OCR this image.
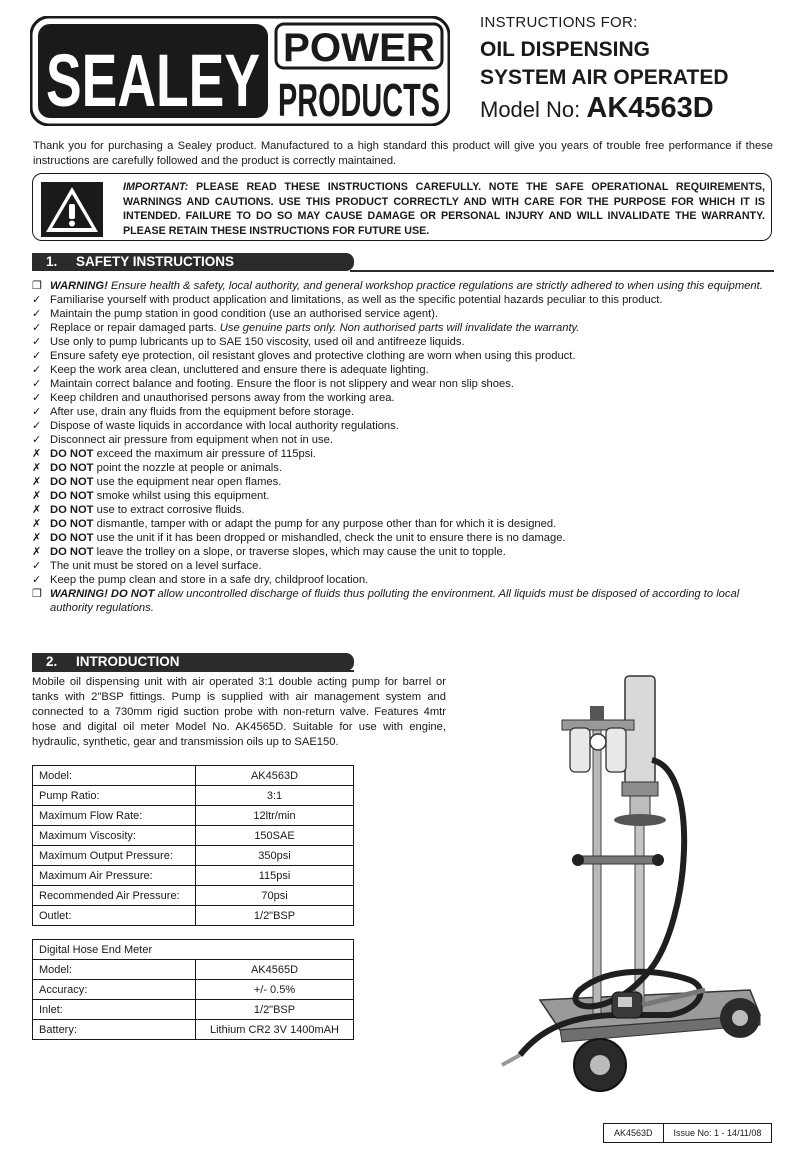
SEALEY POWER
PRODUCTS
INSTRUCTIONS FOR:
OIL DISPENSING
SYSTEM AIR OPERATED
Model No: AK4563D
Thank you for purchasing a Sealey product. Manufactured to a high standard this product will give you years of trouble free performance if these instructions are carefully followed and the product is correctly maintained.
IMPORTANT: PLEASE READ THESE INSTRUCTIONS CAREFULLY. NOTE THE SAFE OPERATIONAL REQUIREMENTS, WARNINGS AND CAUTIONS. USE THIS PRODUCT CORRECTLY AND WITH CARE FOR THE PURPOSE FOR WHICH IT IS INTENDED. FAILURE TO DO SO MAY CAUSE DAMAGE OR PERSONAL INJURY AND WILL INVALIDATE THE WARRANTY. PLEASE RETAIN THESE INSTRUCTIONS FOR FUTURE USE.
1. SAFETY INSTRUCTIONS
❐ WARNING! Ensure health & safety, local authority, and general workshop practice regulations are strictly adhered to when using this equipment.
✓ Familiarise yourself with product application and limitations, as well as the specific potential hazards peculiar to this product.
✓ Maintain the pump station in good condition (use an authorised service agent).
✓ Replace or repair damaged parts. Use genuine parts only. Non authorised parts will invalidate the warranty.
✓ Use only to pump lubricants up to SAE 150 viscosity, used oil and antifreeze liquids.
✓ Ensure safety eye protection, oil resistant gloves and protective clothing are worn when using this product.
✓ Keep the work area clean, uncluttered and ensure there is adequate lighting.
✓ Maintain correct balance and footing. Ensure the floor is not slippery and wear non slip shoes.
✓ Keep children and unauthorised persons away from the working area.
✓ After use, drain any fluids from the equipment before storage.
✓ Dispose of waste liquids in accordance with local authority regulations.
✓ Disconnect air pressure from equipment when not in use.
✗ DO NOT exceed the maximum air pressure of 115psi.
✗ DO NOT point the nozzle at people or animals.
✗ DO NOT use the equipment near open flames.
✗ DO NOT smoke whilst using this equipment.
✗ DO NOT use to extract corrosive fluids.
✗ DO NOT dismantle, tamper with or adapt the pump for any purpose other than for which it is designed.
✗ DO NOT use the unit if it has been dropped or mishandled, check the unit to ensure there is no damage.
✗ DO NOT leave the trolley on a slope, or traverse slopes, which may cause the unit to topple.
✓ The unit must be stored on a level surface.
✓ Keep the pump clean and store in a safe dry, childproof location.
❐ WARNING! DO NOT allow uncontrolled discharge of fluids thus polluting the environment. All liquids must be disposed of according to local authority regulations.
2. INTRODUCTION
Mobile oil dispensing unit with air operated 3:1 double acting pump for barrel or tanks with 2"BSP fittings. Pump is supplied with air management system and connected to a 730mm rigid suction probe with non-return valve. Features 4mtr hose and digital oil meter Model No. AK4565D. Suitable for use with engine, hydraulic, synthetic, gear and transmission oils up to SAE150.
Model:	AK4563D
Pump Ratio:	3:1
Maximum Flow Rate:	12ltr/min
Maximum Viscosity:	150SAE
Maximum Output Pressure:	350psi
Maximum Air Pressure:	115psi
Recommended Air Pressure:	70psi
Outlet:	1/2"BSP
Digital Hose End Meter	
Model:	AK4565D
Accuracy:	+/- 0.5%
Inlet:	1/2"BSP
Battery:	Lithium CR2 3V 1400mAH
AK4563D	Issue No: 1 - 14/11/08
